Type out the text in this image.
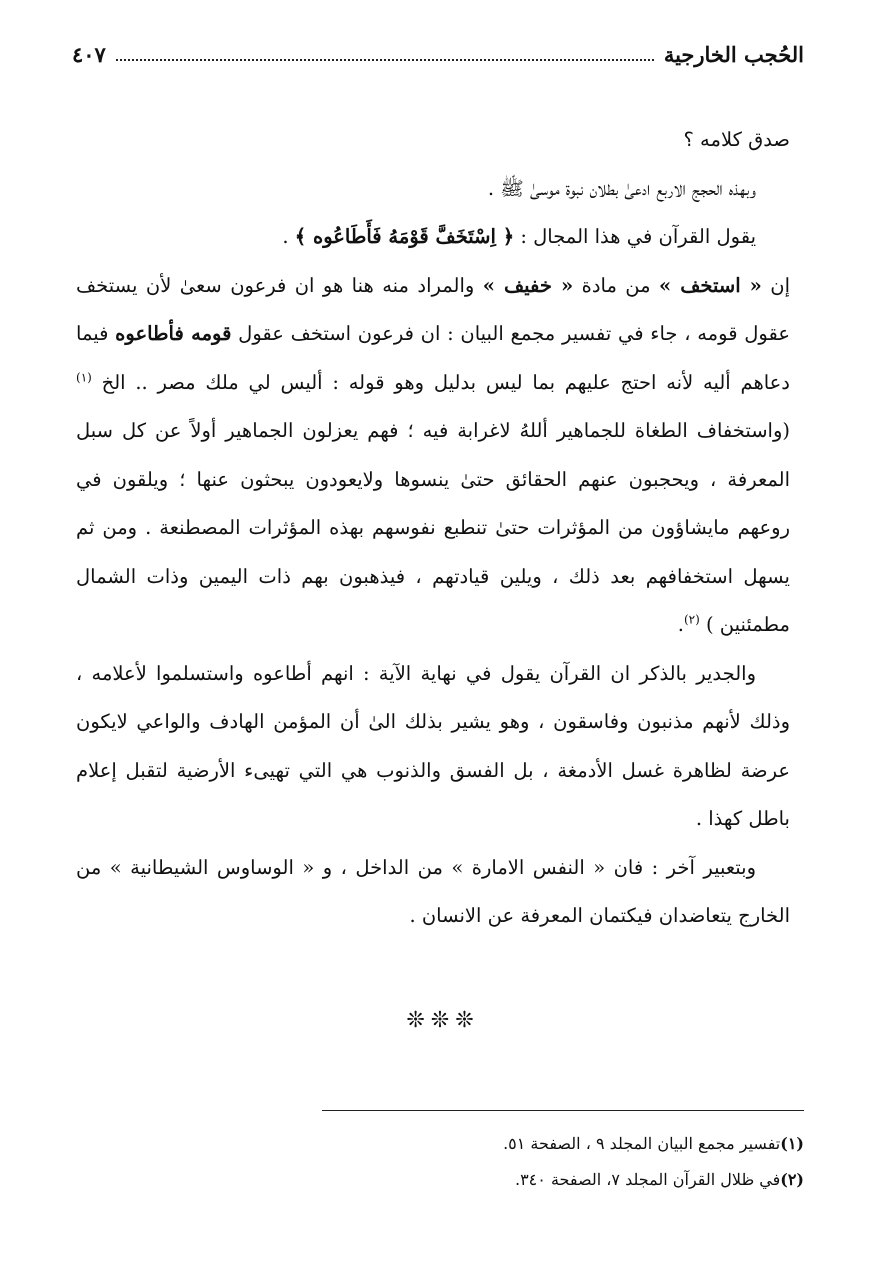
الحُجب الخارجية
٤٠٧

صدق كلامه ؟

وبهذه الحجج الاربع ادعىٰ بطلان نبوة موسىٰ ﷺ .

يقول القرآن في هذا المجال : ﴿ اِسْتَخَفَّ قَوْمَهُ فَأَطَاعُوه ﴾ .

إن « استخف » من مادة « خفيف » والمراد منه هنا هو ان فرعون سعىٰ لأن يستخف عقول قومه ، جاء في تفسير مجمع البيان : ان فرعون استخف عقول قومه فأطاعوه فيما دعاهم أليه لأنه احتج عليهم بما ليس بدليل وهو قوله : أليس لي ملك مصر .. الخ $^{(١)}$ (واستخفاف الطغاة للجماهير أللهُ لاغرابة فيه ؛ فهم يعزلون الجماهير أولاً عن كل سبل المعرفة ، ويحجبون عنهم الحقائق حتىٰ ينسوها ولايعودون يبحثون عنها ؛ ويلقون في روعهم مايشاؤون من المؤثرات حتىٰ تنطبع نفوسهم بهذه المؤثرات المصطنعة . ومن ثم يسهل استخفافهم بعد ذلك ، ويلين قيادتهم ، فيذهبون بهم ذات اليمين وذات الشمال مطمئنين ) $^{(٢)}$.

والجدير بالذكر ان القرآن يقول في نهاية الآية : انهم أطاعوه واستسلموا لأعلامه ، وذلك لأنهم مذنبون وفاسقون ، وهو يشير بذلك الىٰ أن المؤمن الهادف والواعي لايكون عرضة لظاهرة غسل الأدمغة ، بل الفسق والذنوب هي التي تهيىء الأرضية لتقبل إعلام باطل كهذا .

وبتعبير آخر : فان « النفس الامارة » من الداخل ، و « الوساوس الشيطانية » من الخارج يتعاضدان فيكتمان المعرفة عن الانسان .

❊❊❊
(١)تفسير مجمع البيان المجلد ٩ ، الصفحة ٥١.
(٢)في ظلال القرآن المجلد ٧، الصفحة ٣٤٠.
